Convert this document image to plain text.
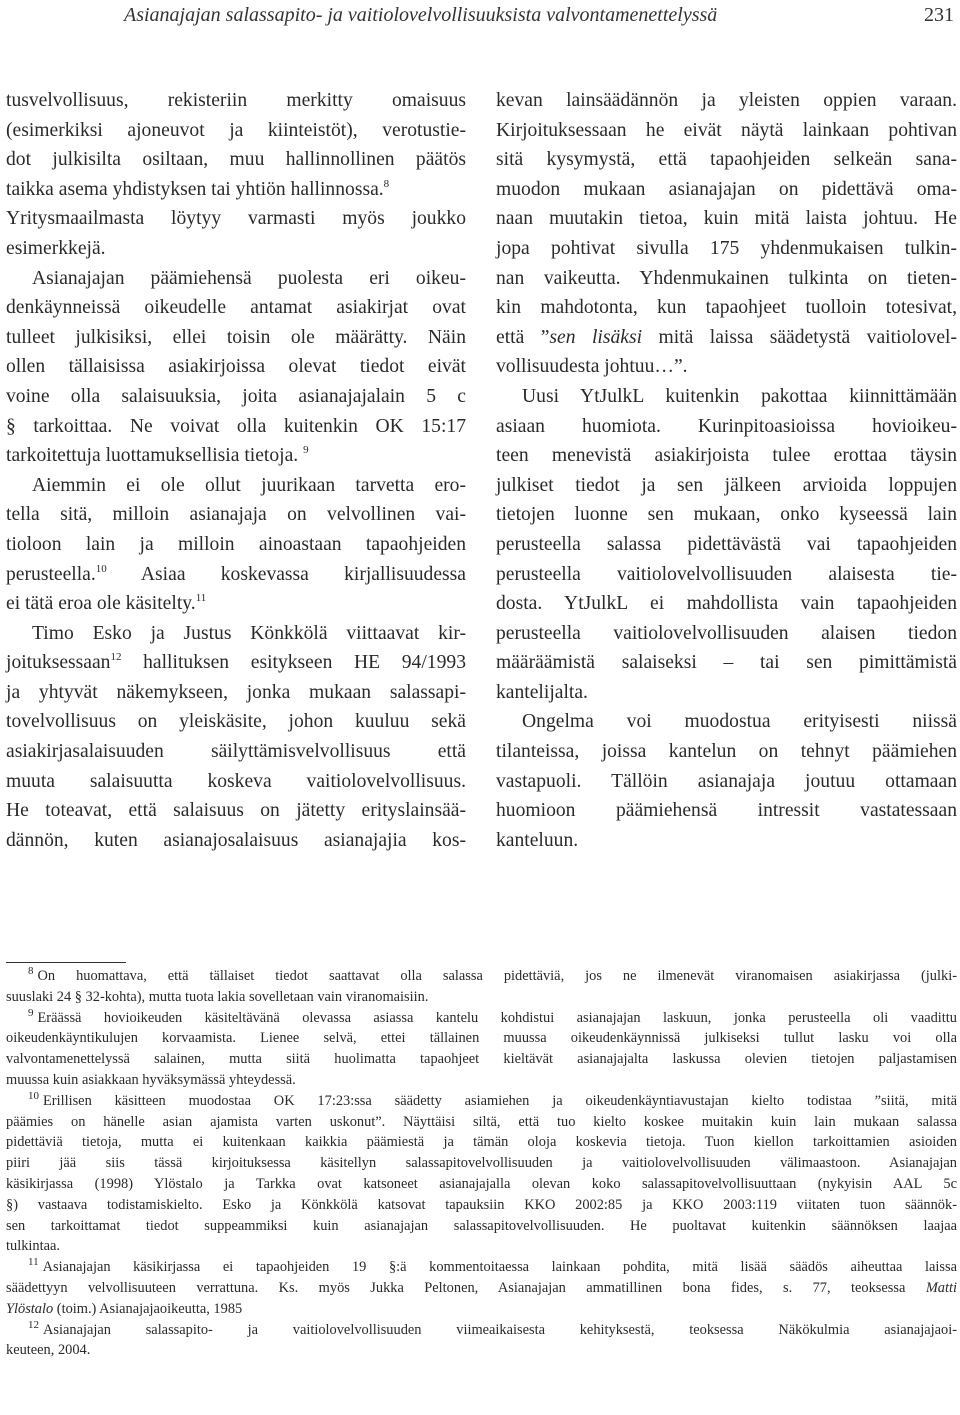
Asianajajan salassapito- ja vaitiolovelvollisuuksista valvontamenettelyssä	231
tusvelvollisuus, rekisteriin merkitty omaisuus
(esimerkiksi ajoneuvot ja kiinteistöt), verotustie-
dot julkisilta osiltaan, muu hallinnollinen päätös
taikka asema yhdistyksen tai yhtiön hallinnossa.$^8$
Yritysmaailmasta löytyy varmasti myös joukko
esimerkkejä.
Asianajajan päämiehensä puolesta eri oikeu-
denkäynneissä oikeudelle antamat asiakirjat ovat
tulleet julkisiksi, ellei toisin ole määrätty. Näin
ollen tällaisissa asiakirjoissa olevat tiedot eivät
voine olla salaisuuksia, joita asianajajalain 5 c
§ tarkoittaa. Ne voivat olla kuitenkin OK 15:17
tarkoitettuja luottamuksellisia tietoja. $^9$
Aiemmin ei ole ollut juurikaan tarvetta ero-
tella sitä, milloin asianajaja on velvollinen vai-
tioloon lain ja milloin ainoastaan tapaohjeiden
perusteella.$^{10}$ Asiaa koskevassa kirjallisuudessa
ei tätä eroa ole käsitelty.$^{11}$
Timo Esko ja Justus Könkkölä viittaavat kir-
joituksessaan$^{12}$ hallituksen esitykseen HE 94/1993
ja yhtyvät näkemykseen, jonka mukaan salassapi-
tovelvollisuus on yleiskäsite, johon kuuluu sekä
asiakirjasalaisuuden säilyttämisvelvollisuus että
muuta salaisuutta koskeva vaitiolovelvollisuus.
He toteavat, että salaisuus on jätetty erityslainsää-
dännön, kuten asianajosalaisuus asianajajia kos-
kevan lainsäädännön ja yleisten oppien varaan.
Kirjoituksessaan he eivät näytä lainkaan pohtivan
sitä kysymystä, että tapaohjeiden selkeän sana-
muodon mukaan asianajajan on pidettävä oma-
naan muutakin tietoa, kuin mitä laista johtuu. He
jopa pohtivat sivulla 175 yhdenmukaisen tulkin-
nan vaikeutta. Yhdenmukainen tulkinta on tieten-
kin mahdotonta, kun tapaohjeet tuolloin totesivat,
että ”sen lisäksi mitä laissa säädetystä vaitiolovel-
vollisuudesta johtuu…”.
Uusi YtJulkL kuitenkin pakottaa kiinnittämään
asiaan huomiota. Kurinpitoasioissa hovioikeu-
teen menevistä asiakirjoista tulee erottaa täysin
julkiset tiedot ja sen jälkeen arvioida loppujen
tietojen luonne sen mukaan, onko kyseessä lain
perusteella salassa pidettävästä vai tapaohjeiden
perusteella vaitiolovelvollisuuden alaisesta tie-
dosta. YtJulkL ei mahdollista vain tapaohjeiden
perusteella vaitiolovelvollisuuden alaisen tiedon
määräämistä salaiseksi – tai sen pimittämistä
kantelijalta.
Ongelma voi muodostua erityisesti niissä
tilanteissa, joissa kantelun on tehnyt päämiehen
vastapuoli. Tällöin asianajaja joutuu ottamaan
huomioon päämiehensä intressit vastatessaan
kanteluun.
$^8$ On huomattava, että tällaiset tiedot saattavat olla salassa pidettäviä, jos ne ilmenevät viranomaisen asiakirjassa (julki-
suuslaki 24 § 32-kohta), mutta tuota lakia sovelletaan vain viranomaisiin.
$^9$ Eräässä hovioikeuden käsiteltävänä olevassa asiassa kantelu kohdistui asianajajan laskuun, jonka perusteella oli vaadittu
oikeudenkäyntikulujen korvaamista. Lienee selvä, ettei tällainen muussa oikeudenkäynnissä julkiseksi tullut lasku voi olla
valvontamenettelyssä salainen, mutta siitä huolimatta tapaohjeet kieltävät asianajajalta laskussa olevien tietojen paljastamisen
muussa kuin asiakkaan hyväksymässä yhteydessä.
$^{10}$ Erillisen käsitteen muodostaa OK 17:23:ssa säädetty asiamiehen ja oikeudenkäyntiavustajan kielto todistaa ”siitä, mitä
päämies on hänelle asian ajamista varten uskonut”. Näyttäisi siltä, että tuo kielto koskee muitakin kuin lain mukaan salassa
pidettäviä tietoja, mutta ei kuitenkaan kaikkia päämiestä ja tämän oloja koskevia tietoja. Tuon kiellon tarkoittamien asioiden
piiri jää siis tässä kirjoituksessa käsitellyn salassapitovelvollisuuden ja vaitiolovelvollisuuden välimaastoon. Asianajajan
käsikirjassa (1998) Ylöstalo ja Tarkka ovat katsoneet asianajajalla olevan koko salassapitovelvollisuuttaan (nykyisin AAL 5c
§) vastaava todistamiskielto. Esko ja Könkkölä katsovat tapauksiin KKO 2002:85 ja KKO 2003:119 viitaten tuon säännök-
sen tarkoittamat tiedot suppeammiksi kuin asianajajan salassapitovelvollisuuden. He puoltavat kuitenkin säännöksen laajaa
tulkintaa.
$^{11}$ Asianajajan käsikirjassa ei tapaohjeiden 19 §:ä kommentoitaessa lainkaan pohdita, mitä lisää säädös aiheuttaa laissa
säädettyyn velvollisuuteen verrattuna. Ks. myös Jukka Peltonen, Asianajajan ammatillinen bona fides, s. 77, teoksessa Matti
Ylöstalo (toim.) Asianajajaoikeutta, 1985
$^{12}$ Asianajajan salassapito- ja vaitiolovelvollisuuden viimeaikaisesta kehityksestä, teoksessa Näkökulmia asianajajaoi-
keuteen, 2004.
